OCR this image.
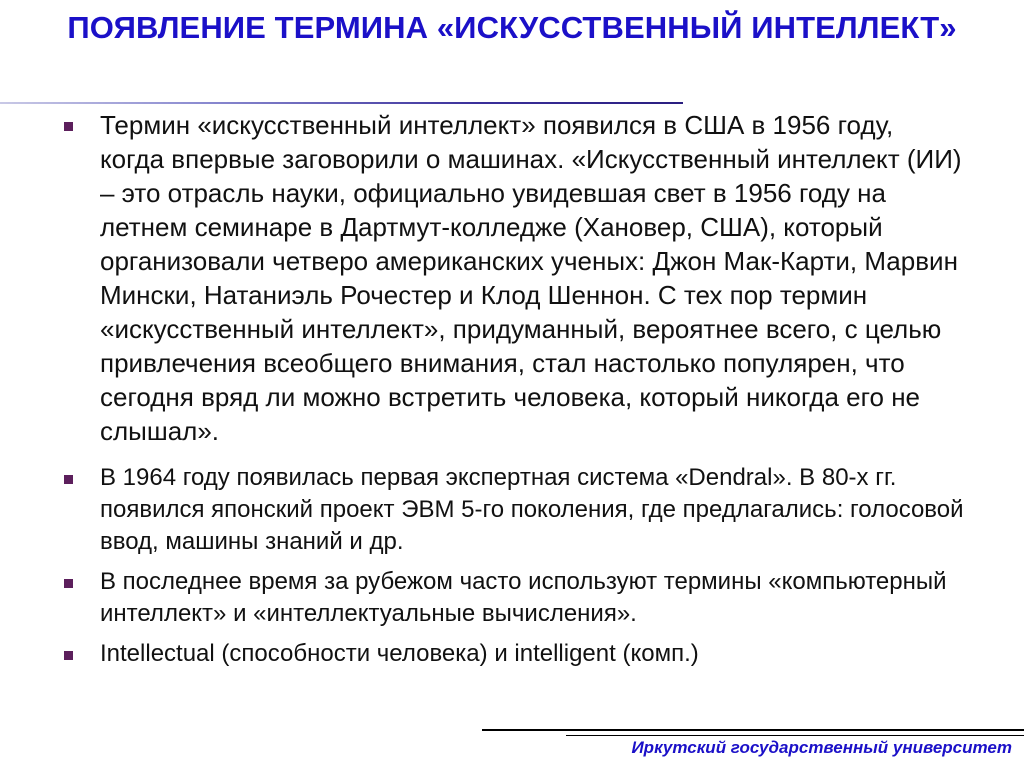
ПОЯВЛЕНИЕ ТЕРМИНА «ИСКУССТВЕННЫЙ ИНТЕЛЛЕКТ»
Термин «искусственный интеллект» появился в США в 1956 году, когда впервые заговорили о машинах. «Искусственный интеллект (ИИ) – это отрасль науки, официально увидевшая свет в 1956 году на летнем семинаре в Дартмут-колледже (Хановер, США), который организовали четверо американских ученых: Джон Мак-Карти, Марвин Мински, Натаниэль Рочестер и Клод Шеннон. С тех пор термин «искусственный интеллект», придуманный, вероятнее всего, с целью привлечения всеобщего внимания, стал настолько популярен, что сегодня вряд ли можно встретить человека, который никогда его не слышал».
В 1964 году появилась первая экспертная система «Dendral». В 80-х гг. появился японский проект ЭВМ 5-го поколения, где предлагались: голосовой ввод, машины знаний и др.
В последнее время за рубежом часто используют термины «компьютерный интеллект» и «интеллектуальные вычисления».
Intellectual (способности человека) и intelligent (комп.)
Иркутский государственный университет
